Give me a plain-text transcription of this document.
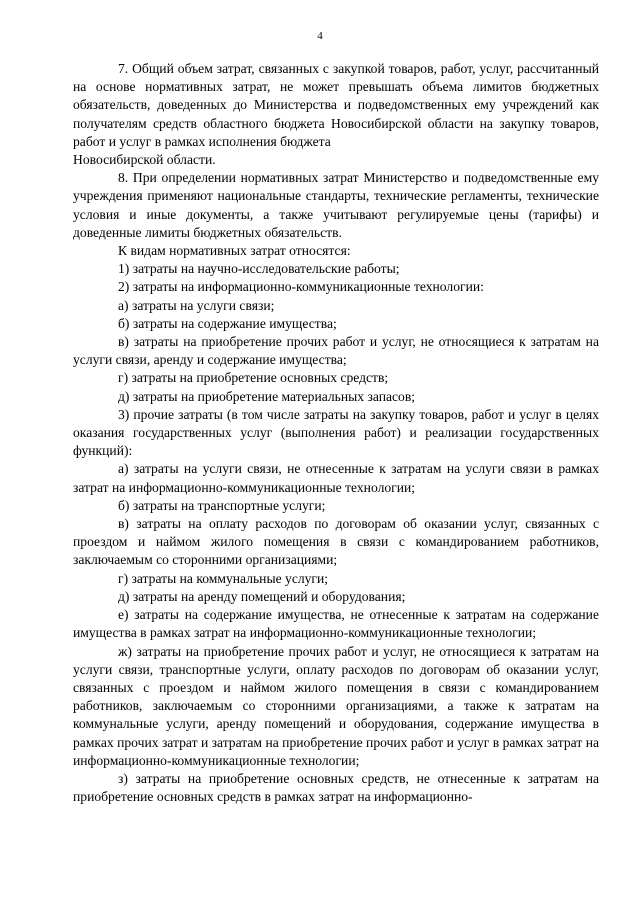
4

7. Общий объем затрат, связанных с закупкой товаров, работ, услуг, рассчитанный на основе нормативных затрат, не может превышать объема лимитов бюджетных обязательств, доведенных до Министерства и подведомственных ему учреждений как получателям средств областного бюджета Новосибирской области на закупку товаров, работ и услуг в рамках исполнения бюджета

Новосибирской области.

8. При определении нормативных затрат Министерство и подведомственные ему учреждения применяют национальные стандарты, технические регламенты, технические условия и иные документы, а также учитывают регулируемые цены (тарифы) и доведенные лимиты бюджетных обязательств.

К видам нормативных затрат относятся:

1) затраты на научно-исследовательские работы;

2) затраты на информационно-коммуникационные технологии:

а) затраты на услуги связи;

б) затраты на содержание имущества;

в) затраты на приобретение прочих работ и услуг, не относящиеся к затратам на услуги связи, аренду и содержание имущества;

г) затраты на приобретение основных средств;

д) затраты на приобретение материальных запасов;

3) прочие затраты (в том числе затраты на закупку товаров, работ и услуг в целях оказания государственных услуг (выполнения работ) и реализации государственных функций):

а) затраты на услуги связи, не отнесенные к затратам на услуги связи в рамках затрат на информационно-коммуникационные технологии;

б) затраты на транспортные услуги;

в) затраты на оплату расходов по договорам об оказании услуг, связанных с проездом и наймом жилого помещения в связи с командированием работников, заключаемым со сторонними организациями;

г) затраты на коммунальные услуги;

д) затраты на аренду помещений и оборудования;

е) затраты на содержание имущества, не отнесенные к затратам на содержание имущества в рамках затрат на информационно-коммуникационные технологии;

ж) затраты на приобретение прочих работ и услуг, не относящиеся к затратам на услуги связи, транспортные услуги, оплату расходов по договорам об оказании услуг, связанных с проездом и наймом жилого помещения в связи с командированием работников, заключаемым со сторонними организациями, а также к затратам на коммунальные услуги, аренду помещений и оборудования, содержание имущества в рамках прочих затрат и затратам на приобретение прочих работ и услуг в рамках затрат на информационно-коммуникационные технологии;

з) затраты на приобретение основных средств, не отнесенные к затратам на приобретение основных средств в рамках затрат на информационно-
